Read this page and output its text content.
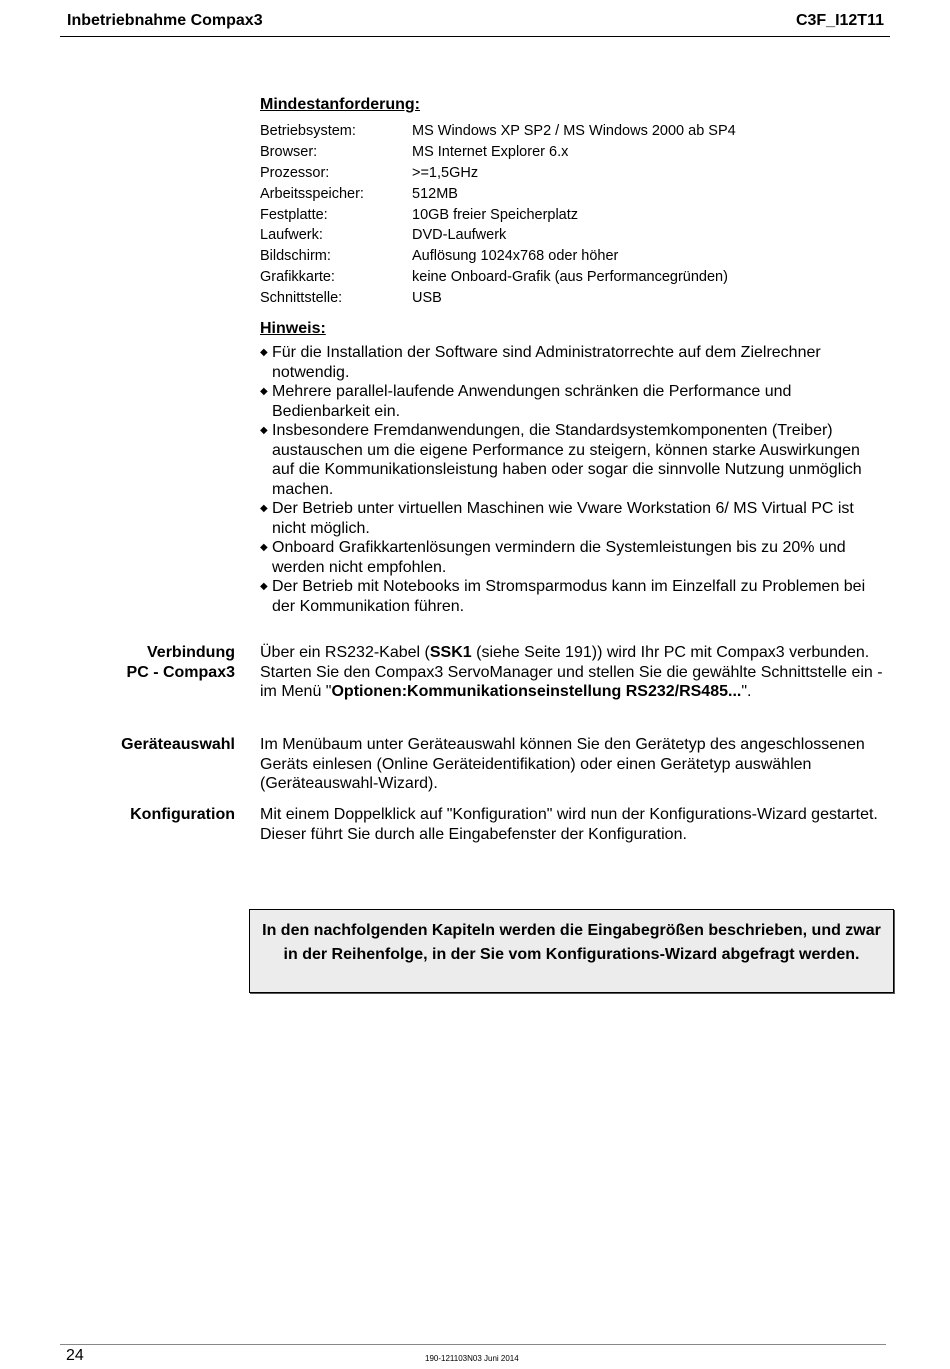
Inbetriebnahme Compax3	C3F_I12T11
Mindestanforderung:
Betriebsystem:	MS Windows XP SP2 / MS Windows 2000 ab SP4
Browser:	MS Internet Explorer 6.x
Prozessor:	>=1,5GHz
Arbeitsspeicher:	512MB
Festplatte:	10GB freier Speicherplatz
Laufwerk:	DVD-Laufwerk
Bildschirm:	Auflösung 1024x768 oder höher
Grafikkarte:	keine Onboard-Grafik (aus Performancegründen)
Schnittstelle:	USB
Hinweis:
◆ Für die Installation der Software sind Administratorrechte auf dem Zielrechner notwendig.
◆ Mehrere parallel-laufende Anwendungen schränken die Performance und Bedienbarkeit ein.
◆ Insbesondere Fremdanwendungen, die Standardsystemkomponenten (Treiber) austauschen um die eigene Performance zu steigern, können starke Auswirkungen auf die Kommunikationsleistung haben oder sogar die sinnvolle Nutzung unmöglich machen.
◆ Der Betrieb unter virtuellen Maschinen wie Vware Workstation 6/ MS Virtual PC ist nicht möglich.
◆ Onboard Grafikkartenlösungen vermindern die Systemleistungen bis zu 20% und werden nicht empfohlen.
◆ Der Betrieb mit Notebooks im Stromsparmodus kann im Einzelfall zu Problemen bei der Kommunikation führen.
Verbindung
PC - Compax3
Über ein RS232-Kabel (SSK1 (siehe Seite 191)) wird Ihr PC mit Compax3 verbunden.
Starten Sie den Compax3 ServoManager und stellen Sie die gewählte Schnittstelle ein - im Menü "Optionen:Kommunikationseinstellung RS232/RS485...".
Geräteauswahl Im Menübaum unter Geräteauswahl können Sie den Gerätetyp des angeschlossenen Geräts einlesen (Online Geräteidentifikation) oder einen Gerätetyp auswählen (Geräteauswahl-Wizard).
Konfiguration Mit einem Doppelklick auf "Konfiguration" wird nun der Konfigurations-Wizard gestartet. Dieser führt Sie durch alle Eingabefenster der Konfiguration.
In den nachfolgenden Kapiteln werden die Eingabegrößen beschrieben, und zwar in der Reihenfolge, in der Sie vom Konfigurations-Wizard abgefragt werden.
24	190-121103N03 Juni 2014
